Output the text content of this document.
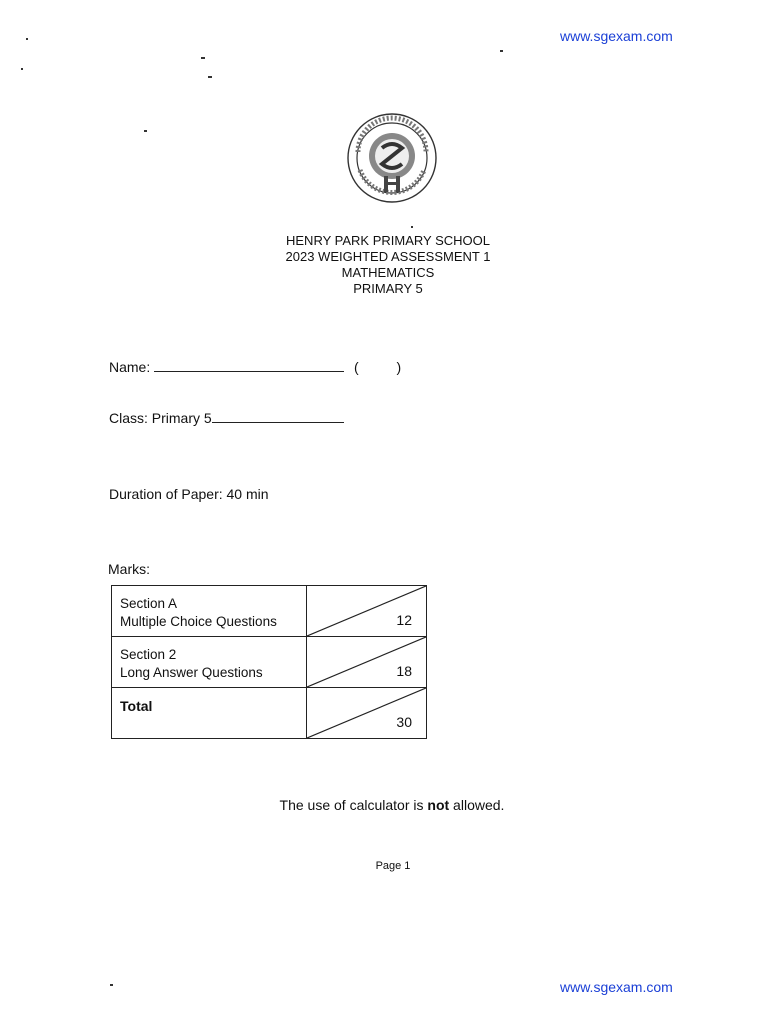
www.sgexam.com
HENRY PARK PRIMARY SCHOOL
2023 WEIGHTED ASSESSMENT 1
MATHEMATICS
PRIMARY 5
Name:	(	)
Class: Primary 5
Duration of Paper: 40 min
Marks:
Section A
Multiple Choice Questions	12

Section 2
Long Answer Questions	18

Total	30
The use of calculator is not allowed.
Page 1
www.sgexam.com
